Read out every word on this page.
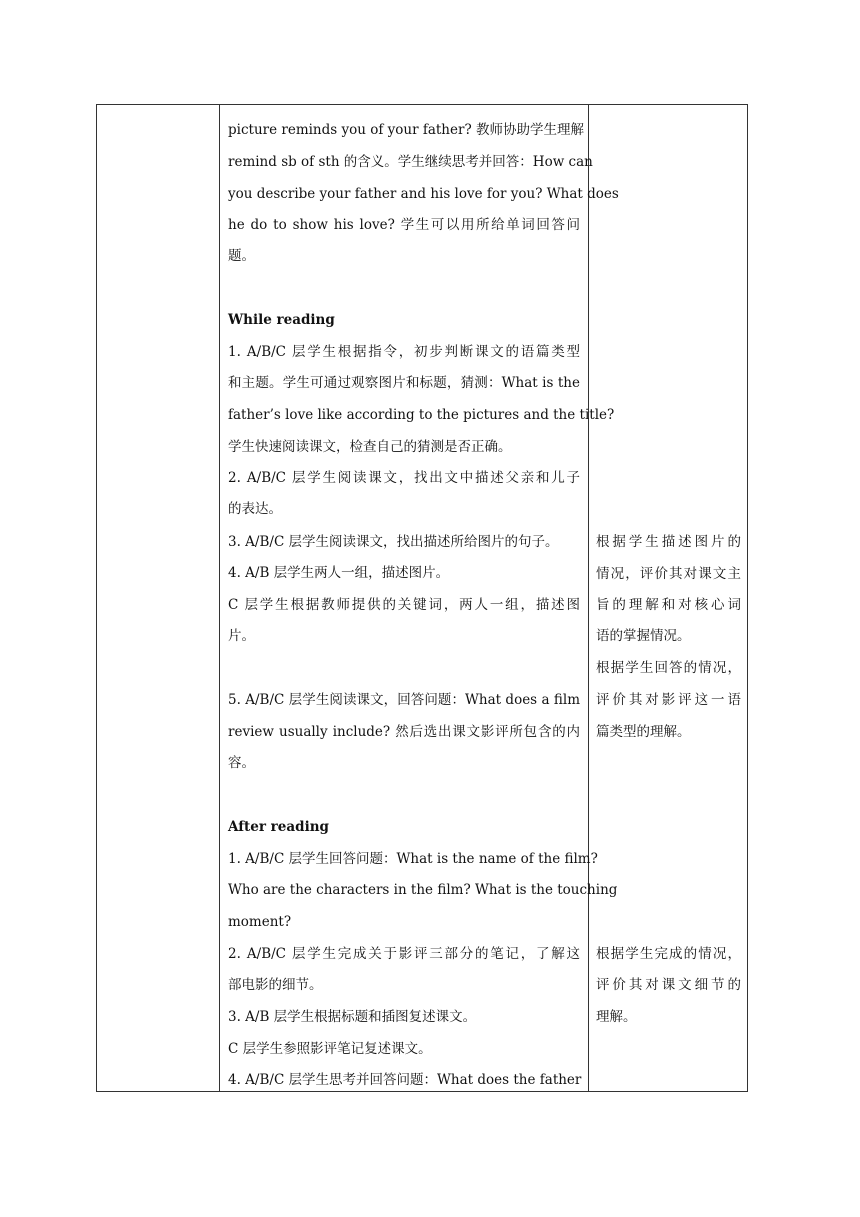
picture reminds you of your father? 教师协助学生理解
remind sb of sth 的含义。学生继续思考并回答：How can
you describe your father and his love for you? What does
he do to show his love? 学生可以用所给单词回答问
题。
While reading
1. A/B/C 层学生根据指令，初步判断课文的语篇类型
和主题。学生可通过观察图片和标题，猜测：What is the
father’s love like according to the pictures and the title?
学生快速阅读课文，检查自己的猜测是否正确。
2. A/B/C 层学生阅读课文，找出文中描述父亲和儿子
的表达。
3. A/B/C 层学生阅读课文，找出描述所给图片的句子。
4. A/B 层学生两人一组，描述图片。
C 层学生根据教师提供的关键词，两人一组，描述图
片。
5. A/B/C 层学生阅读课文，回答问题：What does a film
review usually include? 然后选出课文影评所包含的内
容。
After reading
1. A/B/C 层学生回答问题：What is the name of the film?
Who are the characters in the film? What is the touching
moment?
2. A/B/C 层学生完成关于影评三部分的笔记，了解这
部电影的细节。
3. A/B 层学生根据标题和插图复述课文。
C 层学生参照影评笔记复述课文。
4. A/B/C 层学生思考并回答问题：What does the father
根据学生描述图片的
情况，评价其对课文主
旨的理解和对核心词
语的掌握情况。
根据学生回答的情况，
评价其对影评这一语
篇类型的理解。
根据学生完成的情况，
评价其对课文细节的
理解。
